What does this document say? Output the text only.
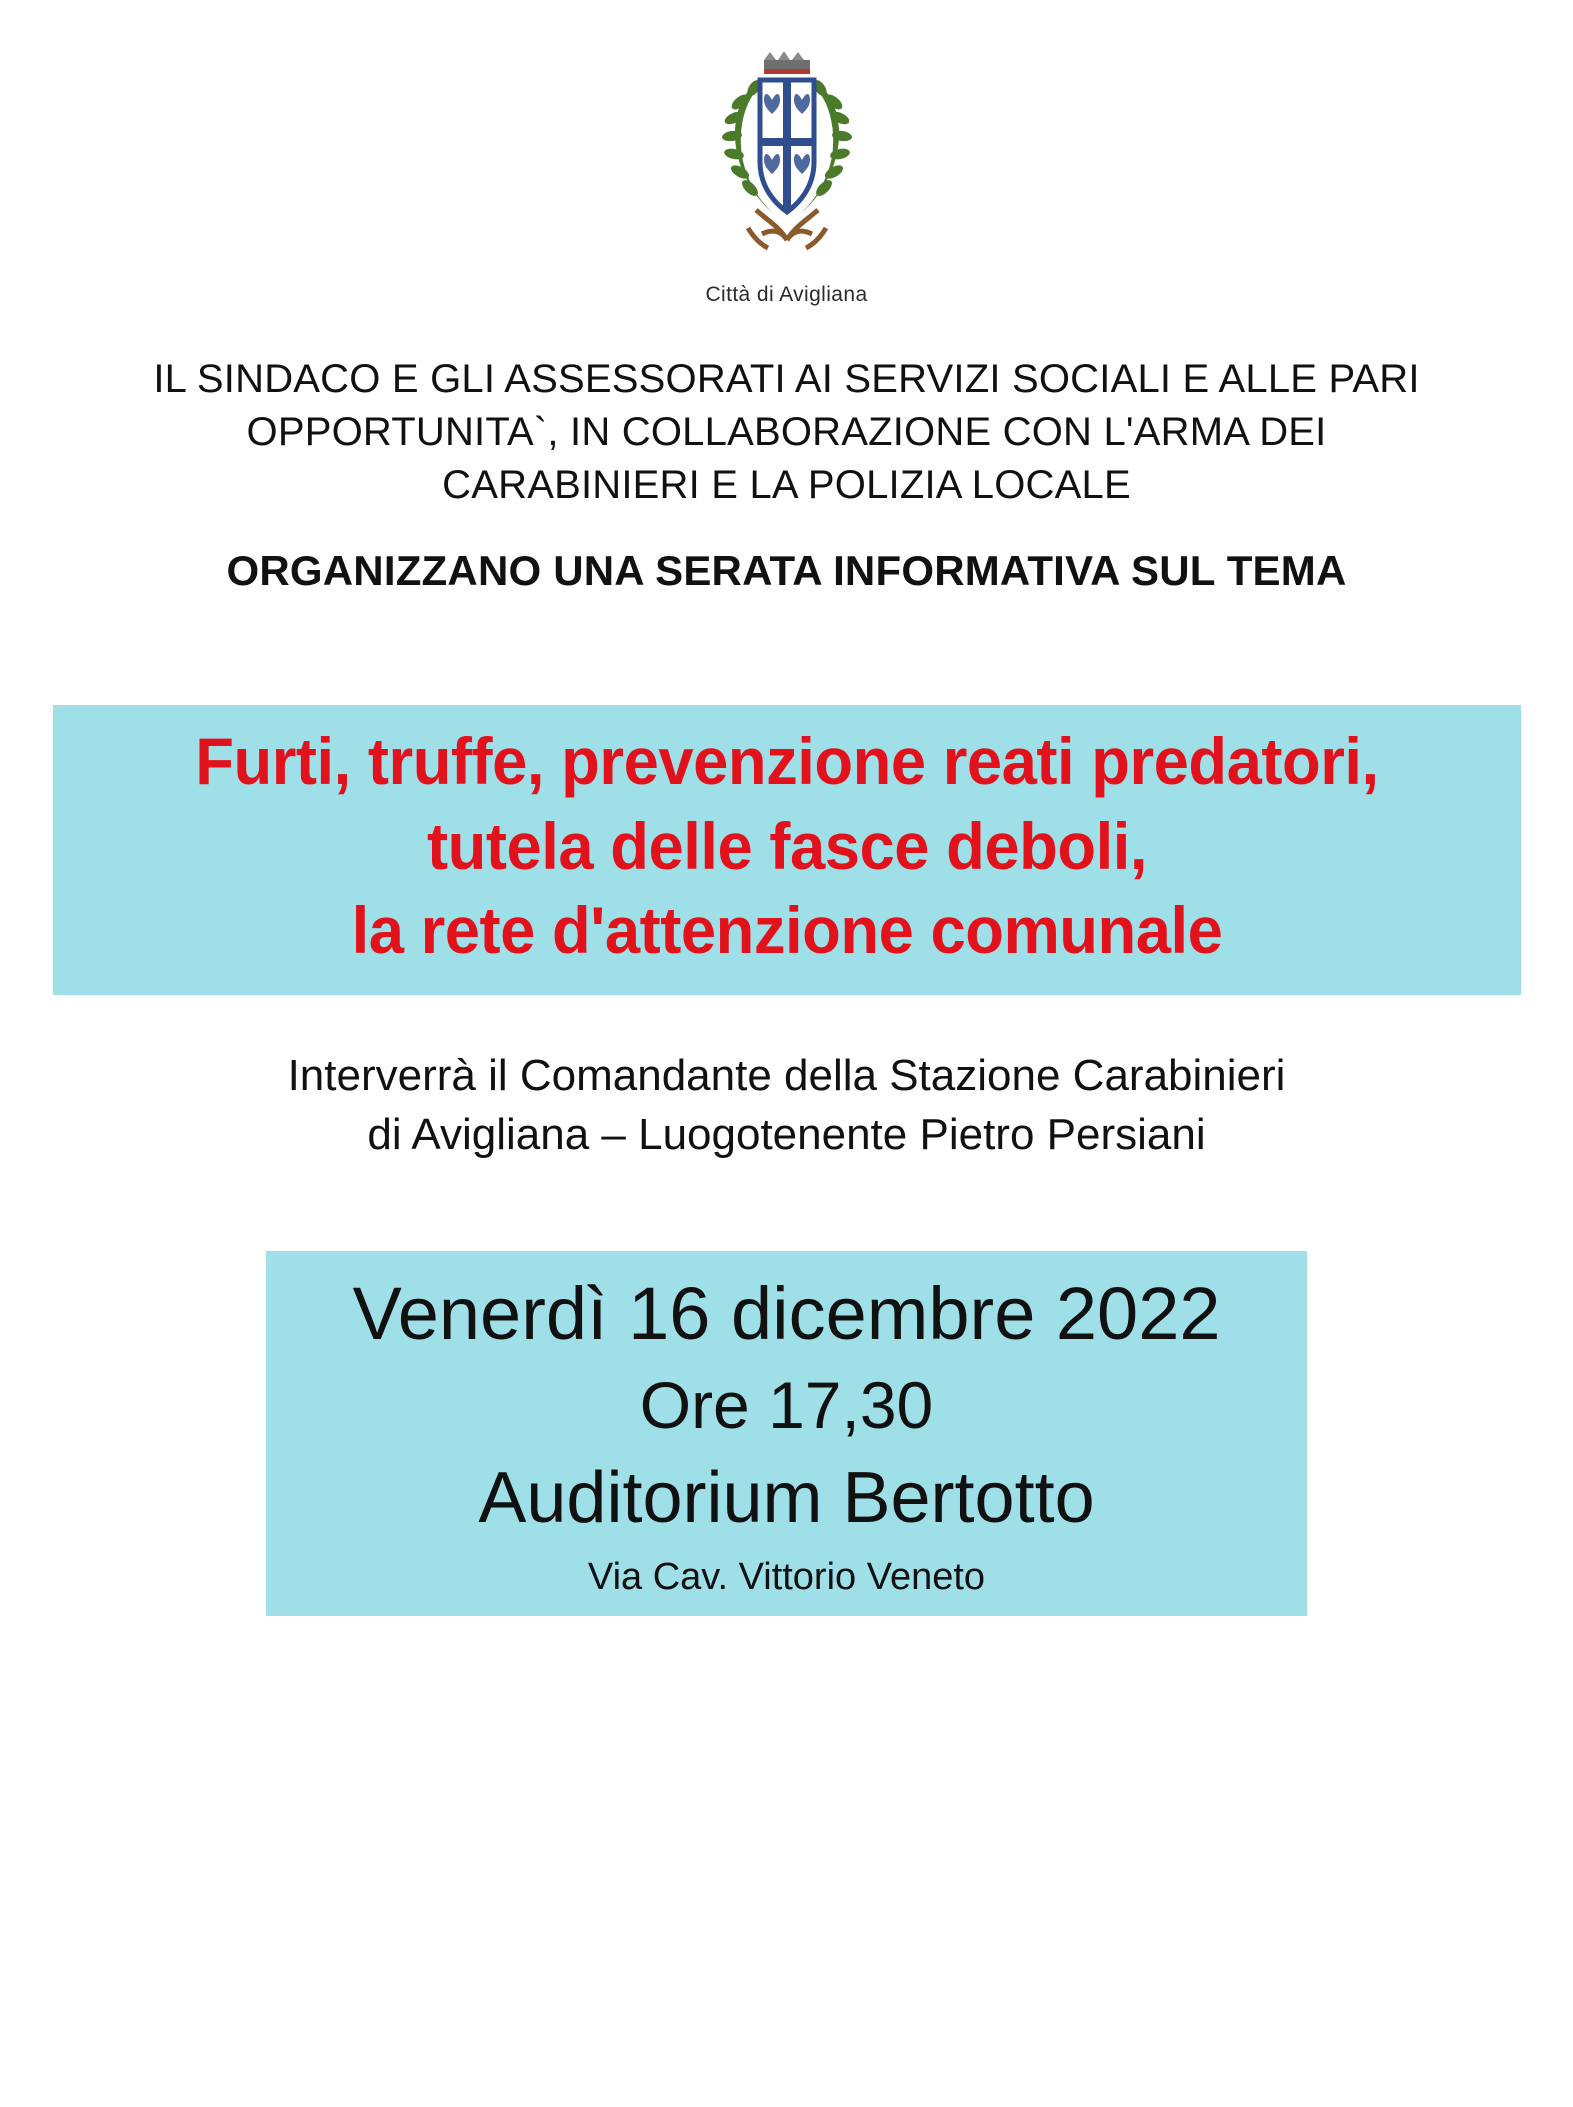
Città di Avigliana
IL SINDACO E GLI ASSESSORATI AI SERVIZI SOCIALI E ALLE PARI
OPPORTUNITA`, IN COLLABORAZIONE CON L'ARMA DEI
CARABINIERI E LA POLIZIA LOCALE
ORGANIZZANO UNA SERATA INFORMATIVA SUL TEMA
Furti, truffe, prevenzione reati predatori,
tutela delle fasce deboli,
la rete d'attenzione comunale
Interverrà il Comandante della Stazione Carabinieri
di Avigliana – Luogotenente Pietro Persiani
Venerdì 16 dicembre 2022
Ore 17,30
Auditorium Bertotto
Via Cav. Vittorio Veneto
